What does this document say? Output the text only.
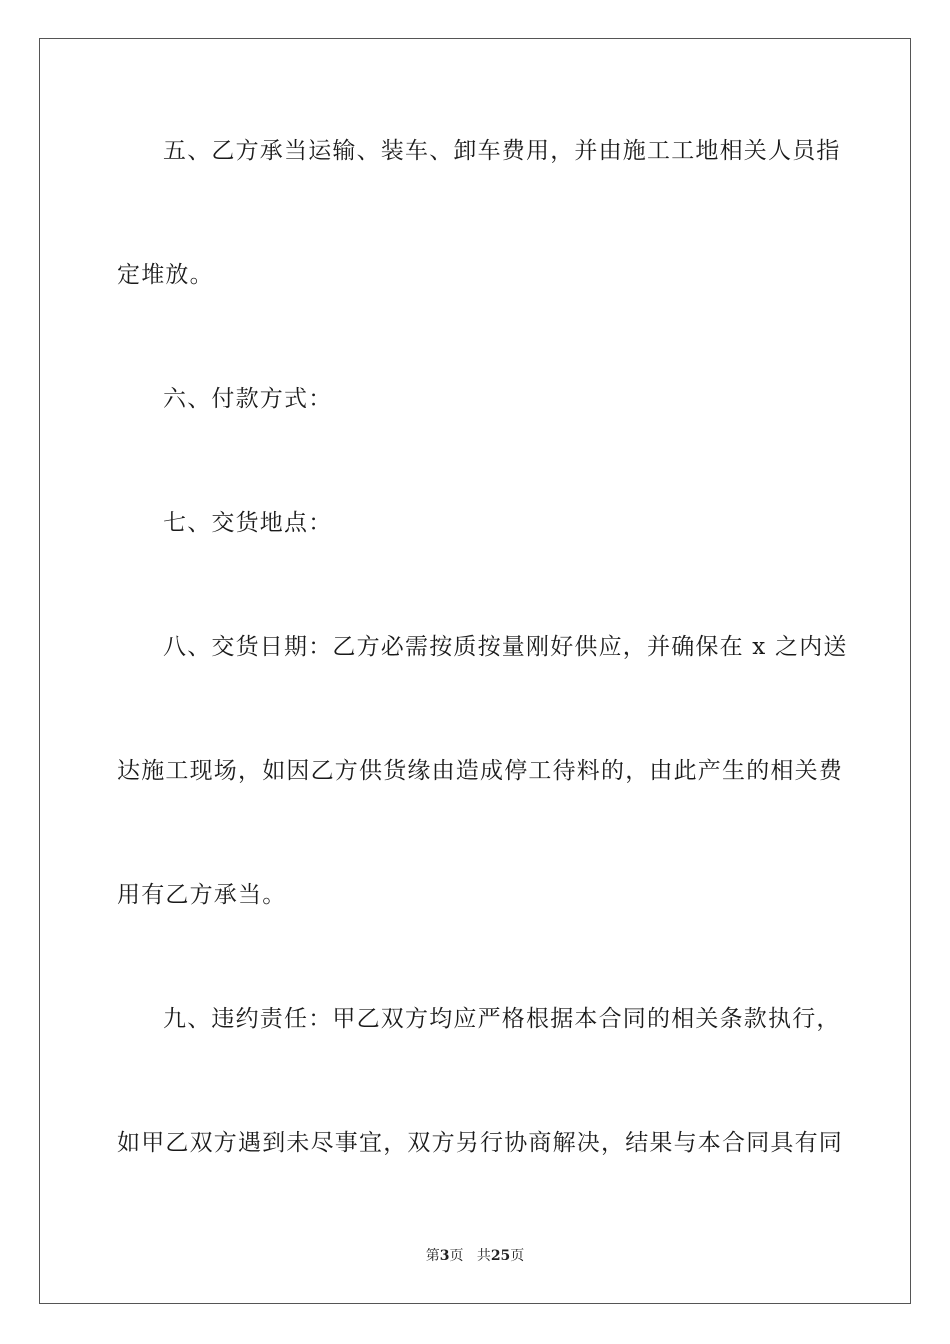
五、乙方承当运输、装车、卸车费用，并由施工工地相关人员指
定堆放。
六、付款方式：
七、交货地点：
八、交货日期：乙方必需按质按量刚好供应，并确保在 x 之内送
达施工现场，如因乙方供货缘由造成停工待料的，由此产生的相关费
用有乙方承当。
九、违约责任：甲乙双方均应严格根据本合同的相关条款执行，
如甲乙双方遇到未尽事宜，双方另行协商解决，结果与本合同具有同
第3页 共25页
